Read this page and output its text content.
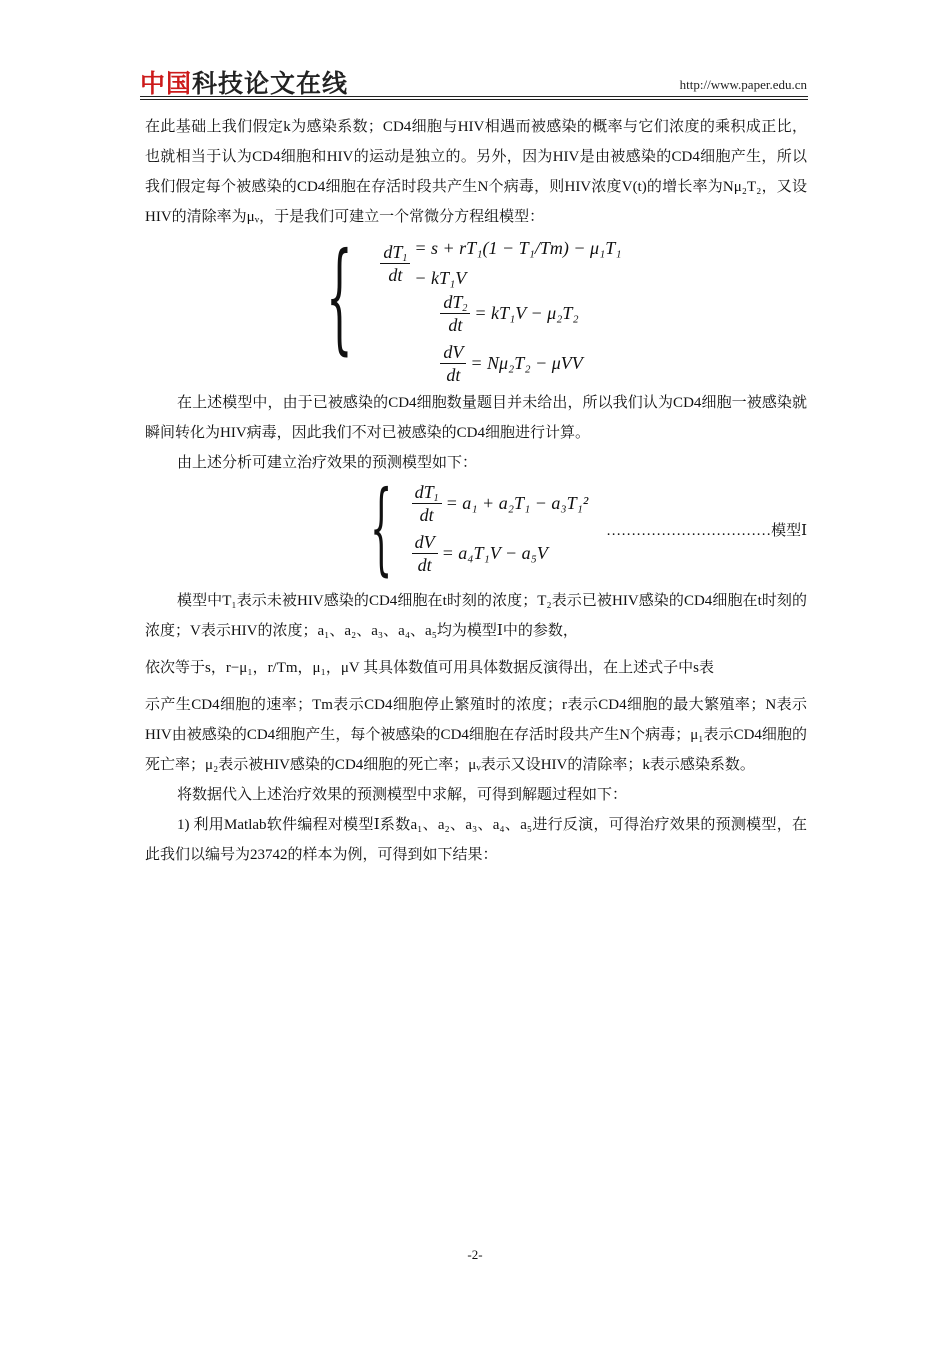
中国科技论文在线	http://www.paper.edu.cn

在此基础上我们假定k为感染系数；CD4细胞与HIV相遇而被感染的概率与它们浓度的乘积成正比，也就相当于认为CD4细胞和HIV的运动是独立的。另外，因为HIV是由被感染的CD4细胞产生，所以我们假定每个被感染的CD4细胞在存活时段共产生N个病毒，则HIV浓度V(t)的增长率为Nμ₂T₂，又设HIV的清除率为μᵥ，于是我们可建立一个常微分方程组模型：

{ $\frac{dT_1}{dt} = s + rT_1(1 - T_1/Tm) - \mu_1T_1 - kT_1V$
$\frac{dT_2}{dt} = kT_1V - \mu_2T_2$
$\frac{dV}{dt} = N\mu_2T_2 - \mu VV$

在上述模型中，由于已被感染的CD4细胞数量题目并未给出，所以我们认为CD4细胞一被感染就瞬间转化为HIV病毒，因此我们不对已被感染的CD4细胞进行计算。

由上述分析可建立治疗效果的预测模型如下：

{ $\frac{dT_1}{dt} = a_1 + a_2T_1 - a_3T_1^2$
$\frac{dV}{dt} = a_4T_1V - a_5V$
……………………………模型Ⅰ

模型中T₁表示未被HIV感染的CD4细胞在t时刻的浓度；T₂表示已被HIV感染的CD4细胞在t时刻的浓度；V表示HIV的浓度；a₁、a₂、a₃、a₄、a₅均为模型Ⅰ中的参数，

依次等于s，r−μ₁，r/Tm，μ₁，μV 其具体数值可用具体数据反演得出，在上述式子中s表

示产生CD4细胞的速率；Tm表示CD4细胞停止繁殖时的浓度；r表示CD4细胞的最大繁殖率；N表示HIV由被感染的CD4细胞产生，每个被感染的CD4细胞在存活时段共产生N个病毒；μ₁表示CD4细胞的死亡率；μ₂表示被HIV感染的CD4细胞的死亡率；μᵥ表示又设HIV的清除率；k表示感染系数。

将数据代入上述治疗效果的预测模型中求解，可得到解题过程如下：

1) 利用Matlab软件编程对模型Ⅰ系数a₁、a₂、a₃、a₄、a₅进行反演，可得治疗效果的预测模型，在此我们以编号为23742的样本为例，可得到如下结果：

-2-
